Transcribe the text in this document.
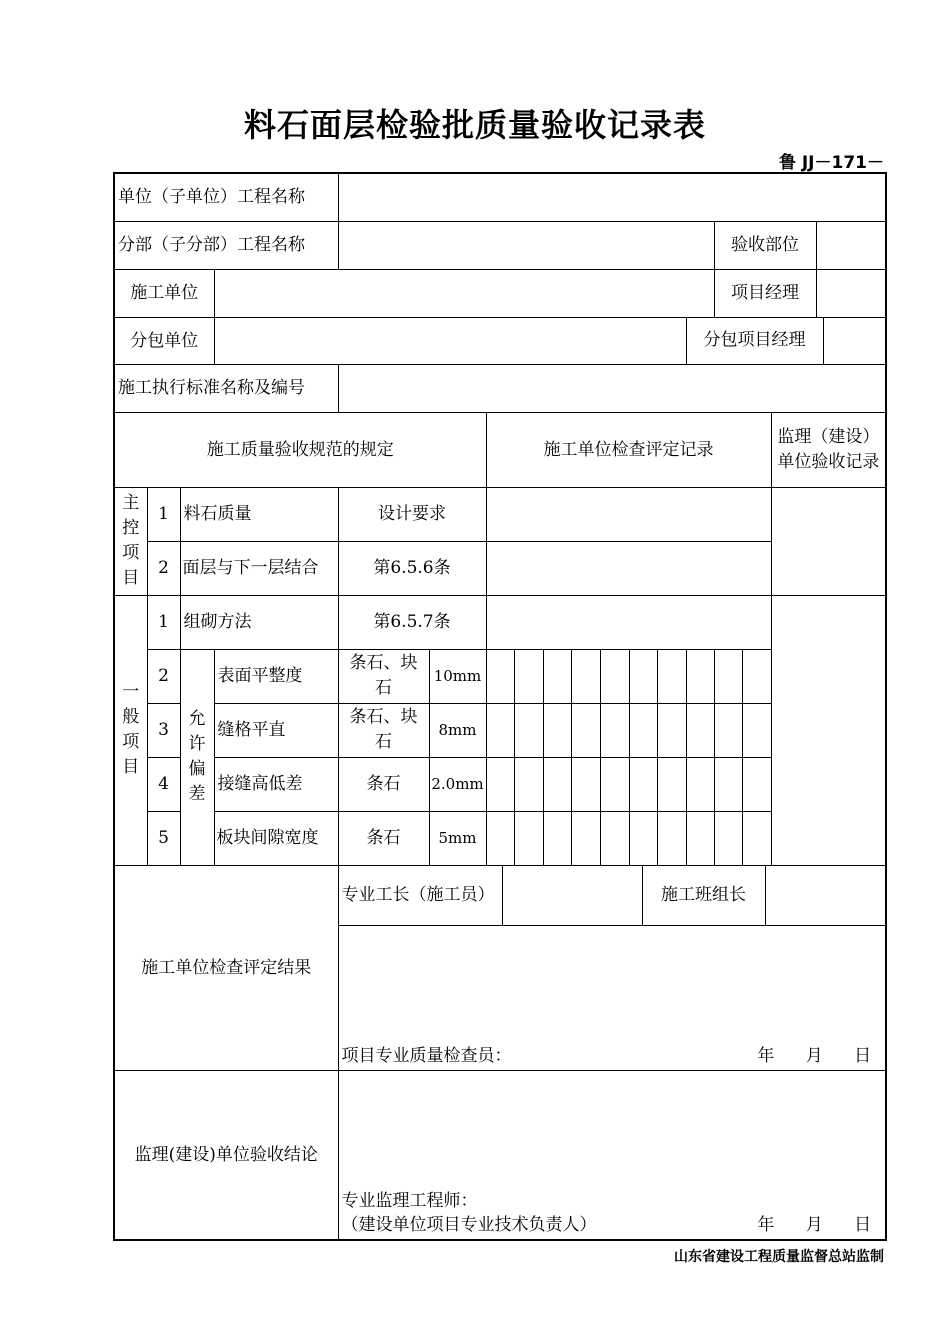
料石面层检验批质量验收记录表
鲁 JJ－171－
单位（子单位）工程名称																
分部（子分部）工程名称														验收部位		

施工单位														项目经理		

分包单位													分包项目经理			

施工执行标准名称及编号																
施工质量验收规范的规定						施工单位检查评定记录										监理（建设）单位验收记录
主控项目	1	料石质量		设计要求												
	2	面层与下一层结合		第6.5.6条												
一般项目	1	组砌方法		第6.5.7条												
	2	允许偏差	表面平整度	条石、块石	10mm											
	3		缝格平直	条石、块石	8mm											
	4		接缝高低差	条石	2.0mm											
	5		板块间隙宽度	条石	5mm											
施工单位检查评定结果				专业工长（施工员） 施工班组长												

				项目专业质量检查员： 年 月 日												

监理(建设)单位验收结论				专业监理工程师：
（建设单位项目专业技术负责人） 年 月 日												
山东省建设工程质量监督总站监制
